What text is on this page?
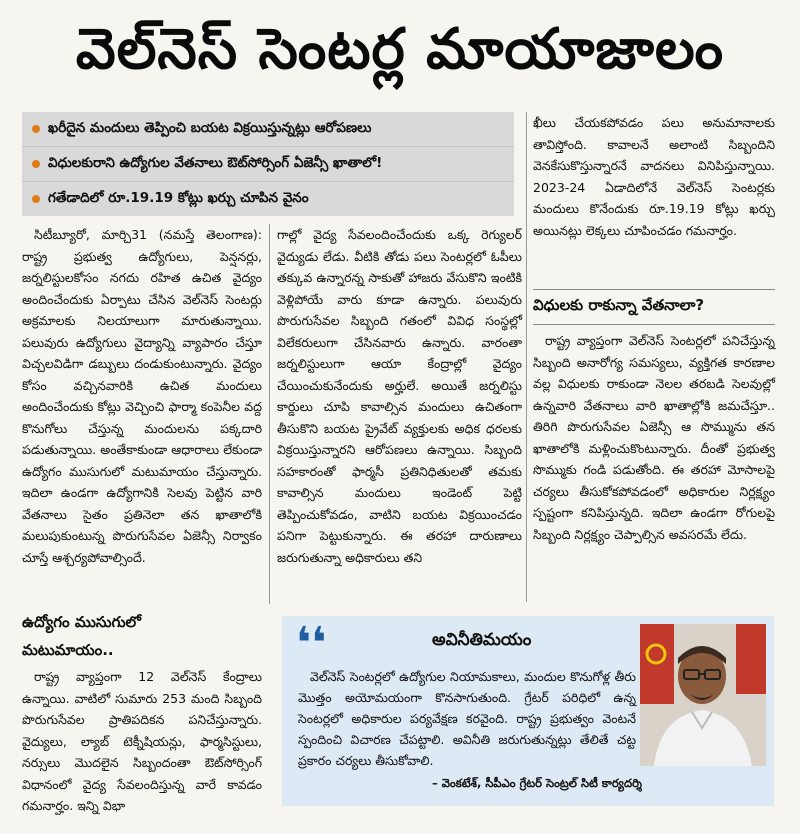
వెల్‌నెస్‌ సెంటర్ల మాయాజాలం
ఖరీదైన మందులు తెప్పించి బయట విక్రయిస్తున్నట్లు ఆరోపణలు
విధులకురాని ఉద్యోగుల వేతనాలు ఔట్‌సోర్సింగ్‌ ఏజెన్సీ ఖాతాలో!
గతేడాదిలో రూ.19.19 కోట్లు ఖర్చు చూపిన వైనం

సిటీబ్యూరో, మార్చి31 (నమస్తే తెలంగాణ): రాష్ట్ర ప్రభుత్వ ఉద్యోగులు, పెన్షనర్లు, జర్నలిస్టులకోసం నగదు రహిత ఉచిత వైద్యం అందించేందుకు ఏర్పాటు చేసిన వెల్‌నెస్‌ సెంటర్లు అక్రమాలకు నిలయాలుగా మారుతున్నాయి. పలువురు ఉద్యోగులు వైద్యాన్ని వ్యాపారం చేస్తూ విచ్చలవిడిగా డబ్బులు దండుకుంటున్నారు. వైద్యం కోసం వచ్చినవారికి ఉచిత మందులు అందించేందుకు కోట్లు వెచ్చించి ఫార్మా కంపెనీల వద్ద కొనుగోలు చేస్తున్న మందులను పక్కదారి పడుతున్నాయి. అంతేకాకుండా ఆధారాలు లేకుండా ఉద్యోగం ముసుగులో మటుమాయం చేస్తున్నారు. ఇదిలా ఉండగా ఉద్యోగానికి సెలవు పెట్టిన వారి వేతనాలు సైతం ప్రతినెలా తన ఖాతాలోకి మలుపుకుంటున్న పొరుగుసేవల ఏజెన్సీ నిర్వాకం చూస్తే ఆశ్చర్యపోవాల్సిందే.

ఉద్యోగం ముసుగులో
మటుమాయం..

రాష్ట్ర వ్యాప్తంగా 12 వెల్‌నెస్‌ కేంద్రాలు ఉన్నాయి. వాటిలో సుమారు 253 మంది సిబ్బంది పొరుగుసేవల ప్రాతిపదికన పనిచేస్తున్నారు. వైద్యులు, ల్యాబ్‌ టెక్నీషియన్లు, ఫార్మసిస్టులు, నర్సులు మొదలైన సిబ్బందంతా ఔట్‌సోర్సింగ్‌ విధానంలో వైద్య సేవలందిస్తున్న వారే కావడం గమనార్హం. ఇన్ని విభా

గాల్లో వైద్య సేవలందించేందుకు ఒక్క రెగ్యులర్‌ వైద్యుడు లేడు. వీటికి తోడు పలు సెంటర్లలో ఓపీలు తక్కువ ఉన్నారన్న సాకుతో హాజరు వేసుకొని ఇంటికి వెళ్లిపోయే వారు కూడా ఉన్నారు. పలువురు పొరుగుసేవల సిబ్బంది గతంలో వివిధ సంస్థల్లో విలేకరులుగా చేసినవారు ఉన్నారు. వారంతా జర్నలిస్టులుగా ఆయా కేంద్రాల్లో వైద్యం చేయించుకునేందుకు అర్హులే. అయితే జర్నలిస్టు కార్డులు చూపి కావాల్సిన మందులు ఉచితంగా తీసుకొని బయట ప్రైవేట్‌ వ్యక్తులకు అధిక ధరలకు విక్రయిస్తున్నారని ఆరోపణలు ఉన్నాయి. సిబ్బంది సహకారంతో ఫార్మసీ ప్రతినిధితులతో తమకు కావాల్సిన మందులు ఇండెంట్‌ పెట్టి తెప్పించుకోవడం, వాటిని బయట విక్రయించడం పనిగా పెట్టుకున్నారు. ఈ తరహా దారుణాలు జరుగుతున్నా అధికారులు తని

ఖీలు చేయకపోవడం పలు అనుమానాలకు తావిస్తోంది. కావాలనే అలాంటి సిబ్బందిని వెనకేసుకొస్తున్నారనే వాదనలు వినిపిస్తున్నాయి. 2023-24 ఏడాదిలోనే వెల్‌నెస్‌ సెంటర్లకు మందులు కొనేందుకు రూ.19.19 కోట్లు ఖర్చు అయినట్లు లెక్కలు చూపించడం గమనార్హం.

విధులకు రాకున్నా వేతనాలా?

రాష్ట్ర వ్యాప్తంగా వెల్‌నెస్‌ సెంటర్లలో పనిచేస్తున్న సిబ్బంది అనారోగ్య సమస్యలు, వ్యక్తిగత కారణాల వల్ల విధులకు రాకుండా నెలల తరబడి సెలవుల్లో ఉన్నవారి వేతనాలు వారి ఖాతాల్లోకి జమచేస్తూ.. తిరిగి పొరుగుసేవల ఏజెన్సీ ఆ సొమ్మును తన ఖాతాలోకి మళ్లించుకొంటున్నారు. దీంతో ప్రభుత్వ సొమ్ముకు గండి పడుతోంది. ఈ తరహా మోసాలపై చర్యలు తీసుకోకపోవడంలో అధికారుల నిర్లక్ష్యం స్పష్టంగా కనిపిస్తున్నది. ఇదిలా ఉండగా రోగులపై సిబ్బంది నిర్లక్ష్యం చెప్పాల్సిన అవసరమే లేదు.

❛❛	అవినీతిమయం
వెల్‌నెస్‌ సెంటర్లలో ఉద్యోగుల నియామకాలు, మందుల కొనుగోళ్ల తీరు మొత్తం అయోమయంగా కొనసాగుతుంది. గ్రేటర్‌ పరిధిలో ఉన్న సెంటర్లలో అధికారుల పర్యవేక్షణ కరవైంది. రాష్ట్ర ప్రభుత్వం వెంటనే స్పందించి విచారణ చేపట్టాలి. అవినీతి జరుగుతున్నట్లు తేలితే చట్ట ప్రకారం చర్యలు తీసుకోవాలి.
– వెంకటేశ్‌, సీపీఎం గ్రేటర్‌ సెంట్రల్‌ సిటీ కార్యదర్శి
